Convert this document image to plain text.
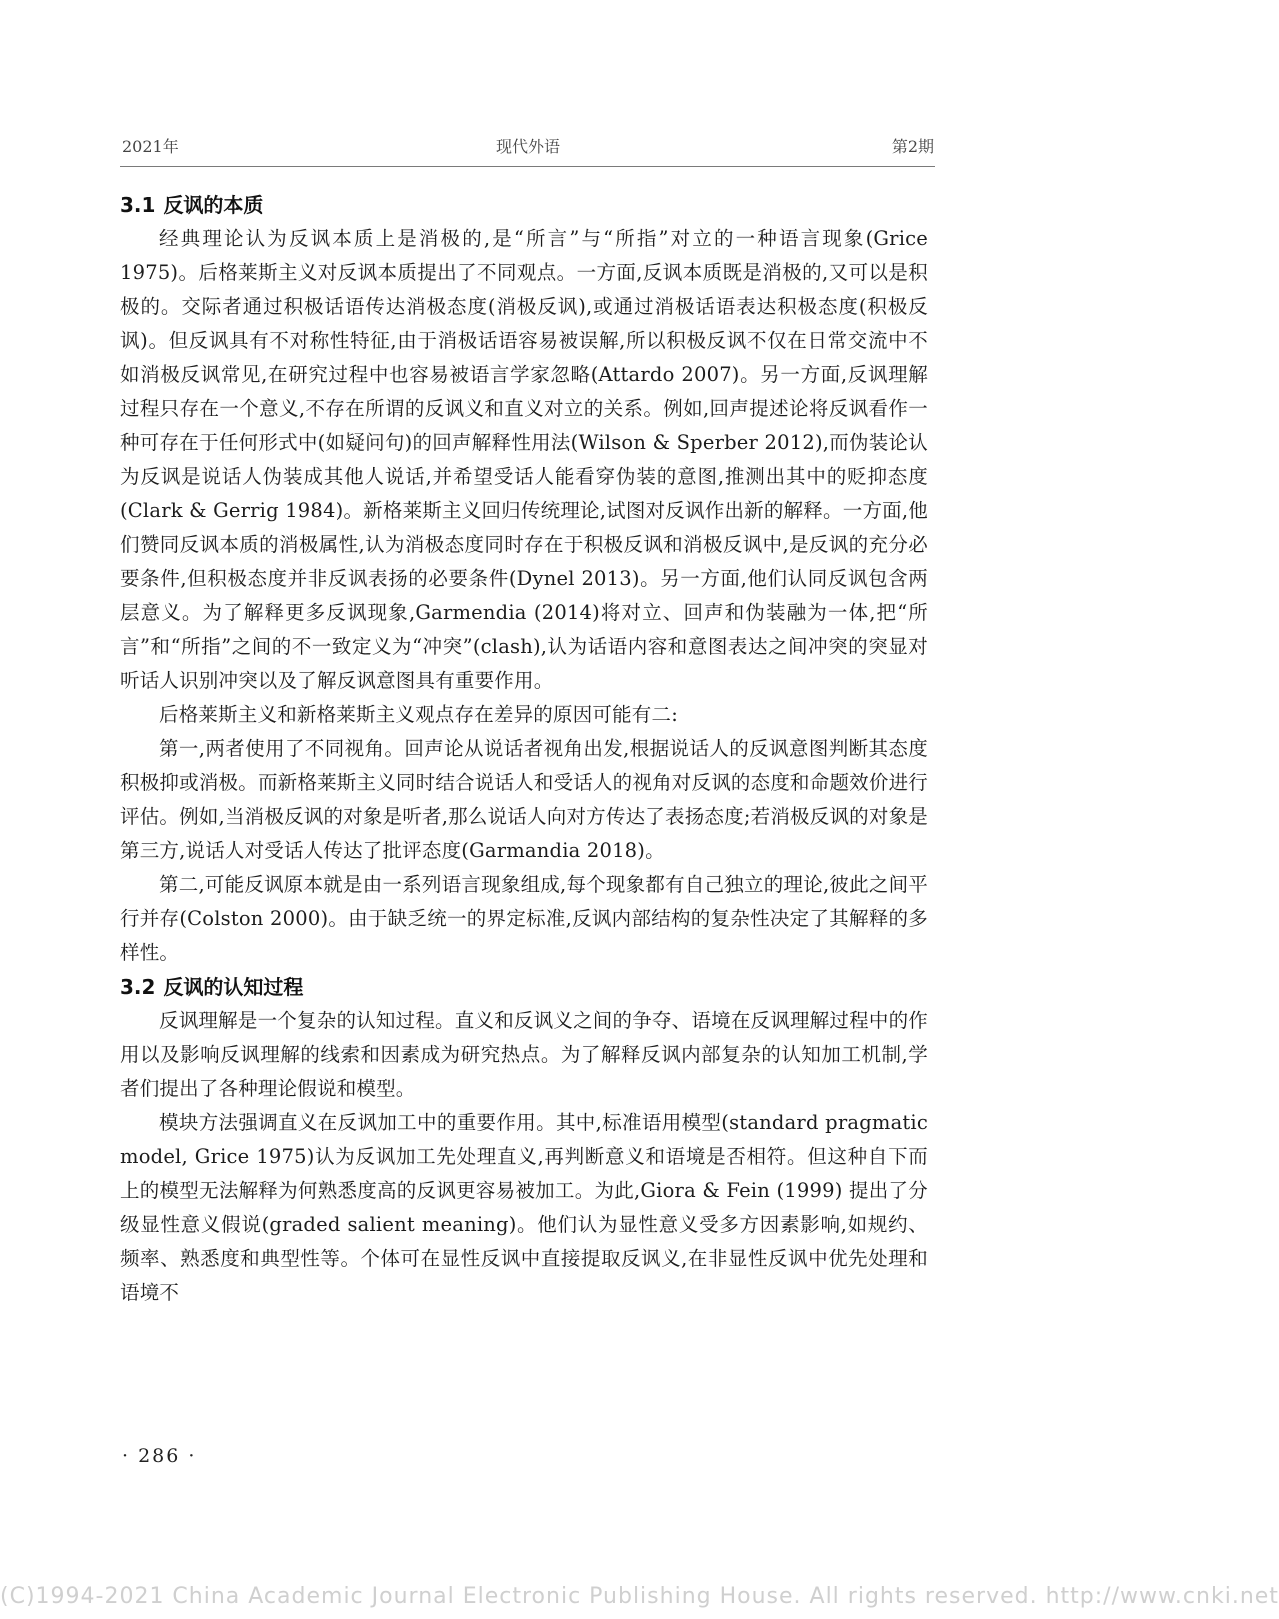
2021年	现代外语	第2期
3.1 反讽的本质

经典理论认为反讽本质上是消极的,是“所言”与“所指”对立的一种语言现象(Grice 1975)。后格莱斯主义对反讽本质提出了不同观点。一方面,反讽本质既是消极的,又可以是积极的。交际者通过积极话语传达消极态度(消极反讽),或通过消极话语表达积极态度(积极反讽)。但反讽具有不对称性特征,由于消极话语容易被误解,所以积极反讽不仅在日常交流中不如消极反讽常见,在研究过程中也容易被语言学家忽略(Attardo 2007)。另一方面,反讽理解过程只存在一个意义,不存在所谓的反讽义和直义对立的关系。例如,回声提述论将反讽看作一种可存在于任何形式中(如疑问句)的回声解释性用法(Wilson & Sperber 2012),而伪装论认为反讽是说话人伪装成其他人说话,并希望受话人能看穿伪装的意图,推测出其中的贬抑态度(Clark & Gerrig 1984)。新格莱斯主义回归传统理论,试图对反讽作出新的解释。一方面,他们赞同反讽本质的消极属性,认为消极态度同时存在于积极反讽和消极反讽中,是反讽的充分必要条件,但积极态度并非反讽表扬的必要条件(Dynel 2013)。另一方面,他们认同反讽包含两层意义。为了解释更多反讽现象,Garmendia (2014)将对立、回声和伪装融为一体,把“所言”和“所指”之间的不一致定义为“冲突”(clash),认为话语内容和意图表达之间冲突的突显对听话人识别冲突以及了解反讽意图具有重要作用。

后格莱斯主义和新格莱斯主义观点存在差异的原因可能有二:

第一,两者使用了不同视角。回声论从说话者视角出发,根据说话人的反讽意图判断其态度积极抑或消极。而新格莱斯主义同时结合说话人和受话人的视角对反讽的态度和命题效价进行评估。例如,当消极反讽的对象是听者,那么说话人向对方传达了表扬态度;若消极反讽的对象是第三方,说话人对受话人传达了批评态度(Garmandia 2018)。

第二,可能反讽原本就是由一系列语言现象组成,每个现象都有自己独立的理论,彼此之间平行并存(Colston 2000)。由于缺乏统一的界定标准,反讽内部结构的复杂性决定了其解释的多样性。

3.2 反讽的认知过程

反讽理解是一个复杂的认知过程。直义和反讽义之间的争夺、语境在反讽理解过程中的作用以及影响反讽理解的线索和因素成为研究热点。为了解释反讽内部复杂的认知加工机制,学者们提出了各种理论假说和模型。

模块方法强调直义在反讽加工中的重要作用。其中,标准语用模型(standard pragmatic model, Grice 1975)认为反讽加工先处理直义,再判断意义和语境是否相符。但这种自下而上的模型无法解释为何熟悉度高的反讽更容易被加工。为此,Giora & Fein (1999) 提出了分级显性意义假说(graded salient meaning)。他们认为显性意义受多方因素影响,如规约、频率、熟悉度和典型性等。个体可在显性反讽中直接提取反讽义,在非显性反讽中优先处理和语境不

· 286 ·
(C)1994-2021 China Academic Journal Electronic Publishing House. All rights reserved. http://www.cnki.net
